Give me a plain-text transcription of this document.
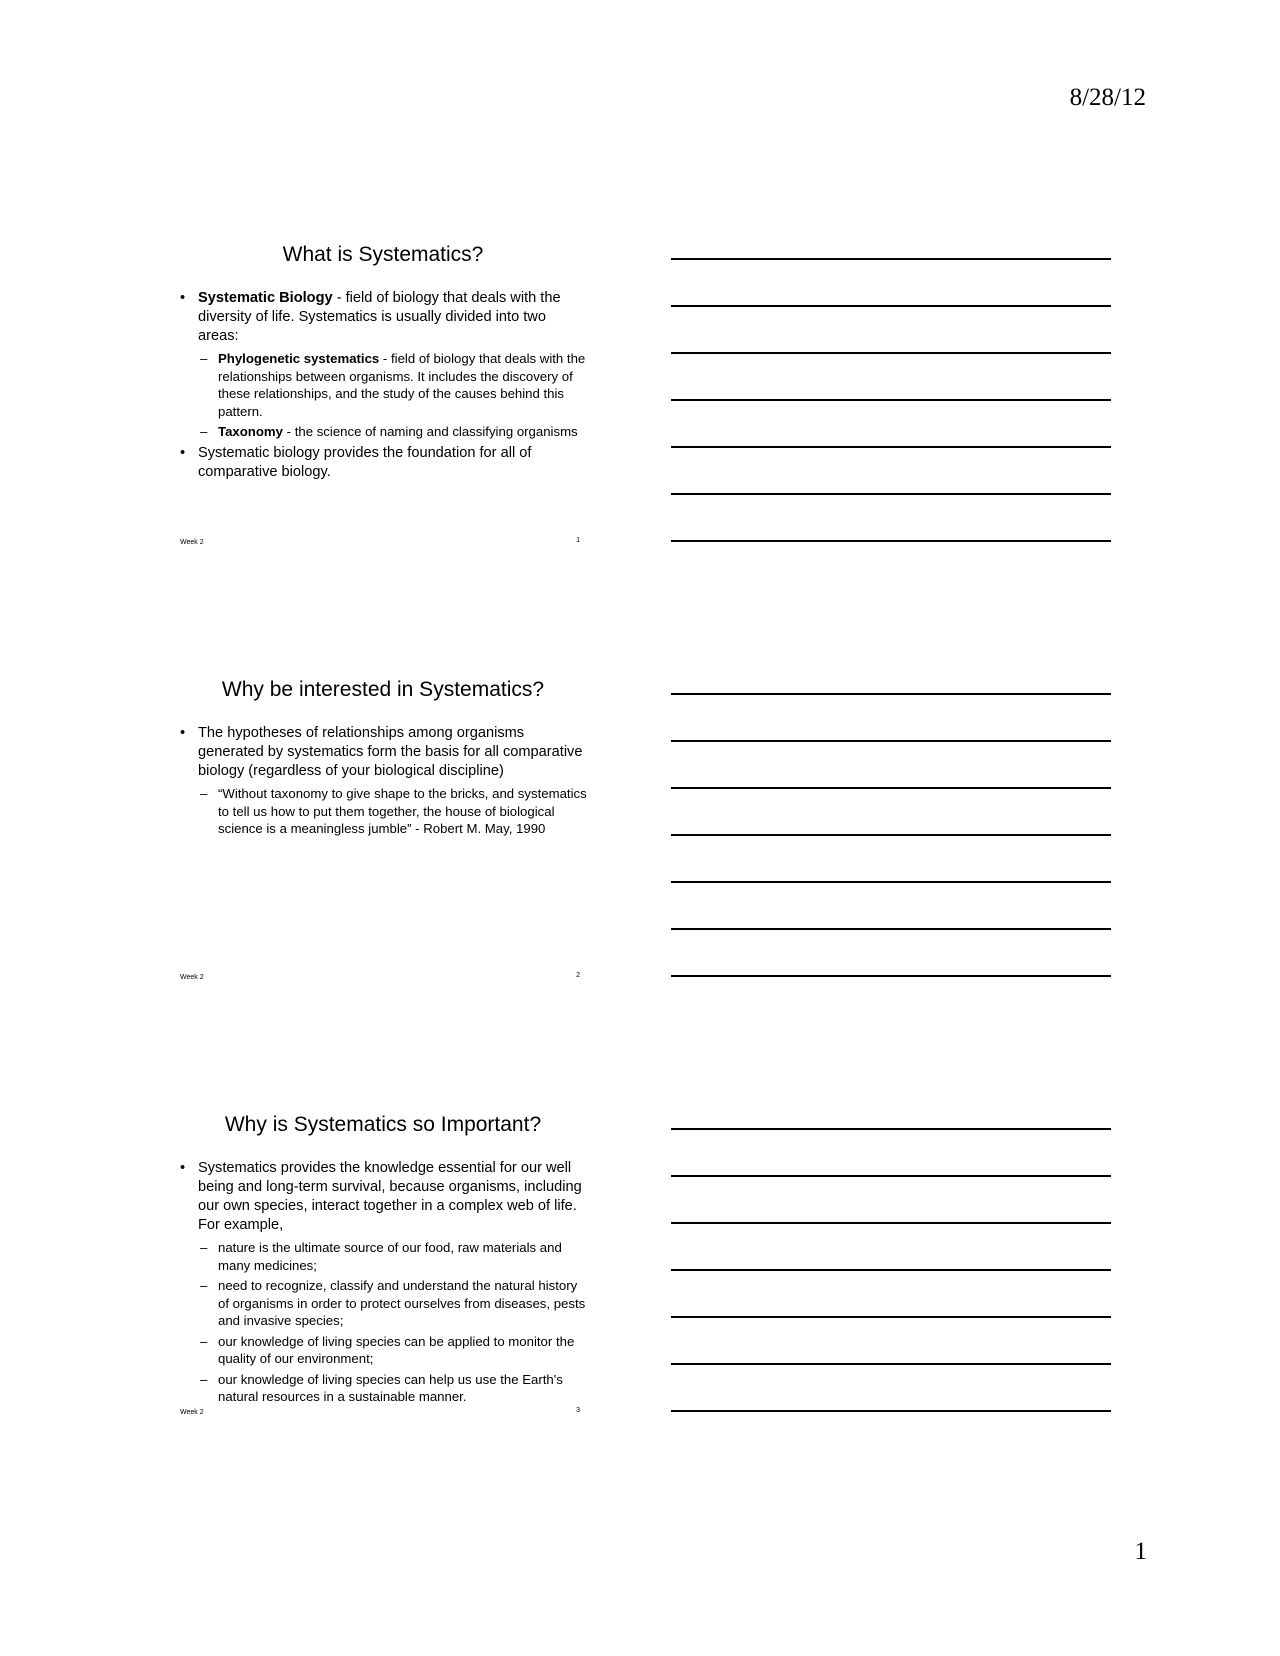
8/28/12
What is Systematics?
• Systematic Biology - field of biology that deals with the diversity of life. Systematics is usually divided into two areas:
– Phylogenetic systematics - field of biology that deals with the relationships between organisms. It includes the discovery of these relationships, and the study of the causes behind this pattern.
– Taxonomy - the science of naming and classifying organisms
• Systematic biology provides the foundation for all of comparative biology.
Week 2	1
Why be interested in Systematics?
• The hypotheses of relationships among organisms generated by systematics form the basis for all comparative biology (regardless of your biological discipline)
– “Without taxonomy to give shape to the bricks, and systematics to tell us how to put them together, the house of biological science is a meaningless jumble” - Robert M. May, 1990
Week 2	2
Why is Systematics so Important?
• Systematics provides the knowledge essential for our well being and long-term survival, because organisms, including our own species, interact together in a complex web of life. For example,
– nature is the ultimate source of our food, raw materials and many medicines;
– need to recognize, classify and understand the natural history of organisms in order to protect ourselves from diseases, pests and invasive species;
– our knowledge of living species can be applied to monitor the quality of our environment;
– our knowledge of living species can help us use the Earth's natural resources in a sustainable manner.
Week 2	3
1
